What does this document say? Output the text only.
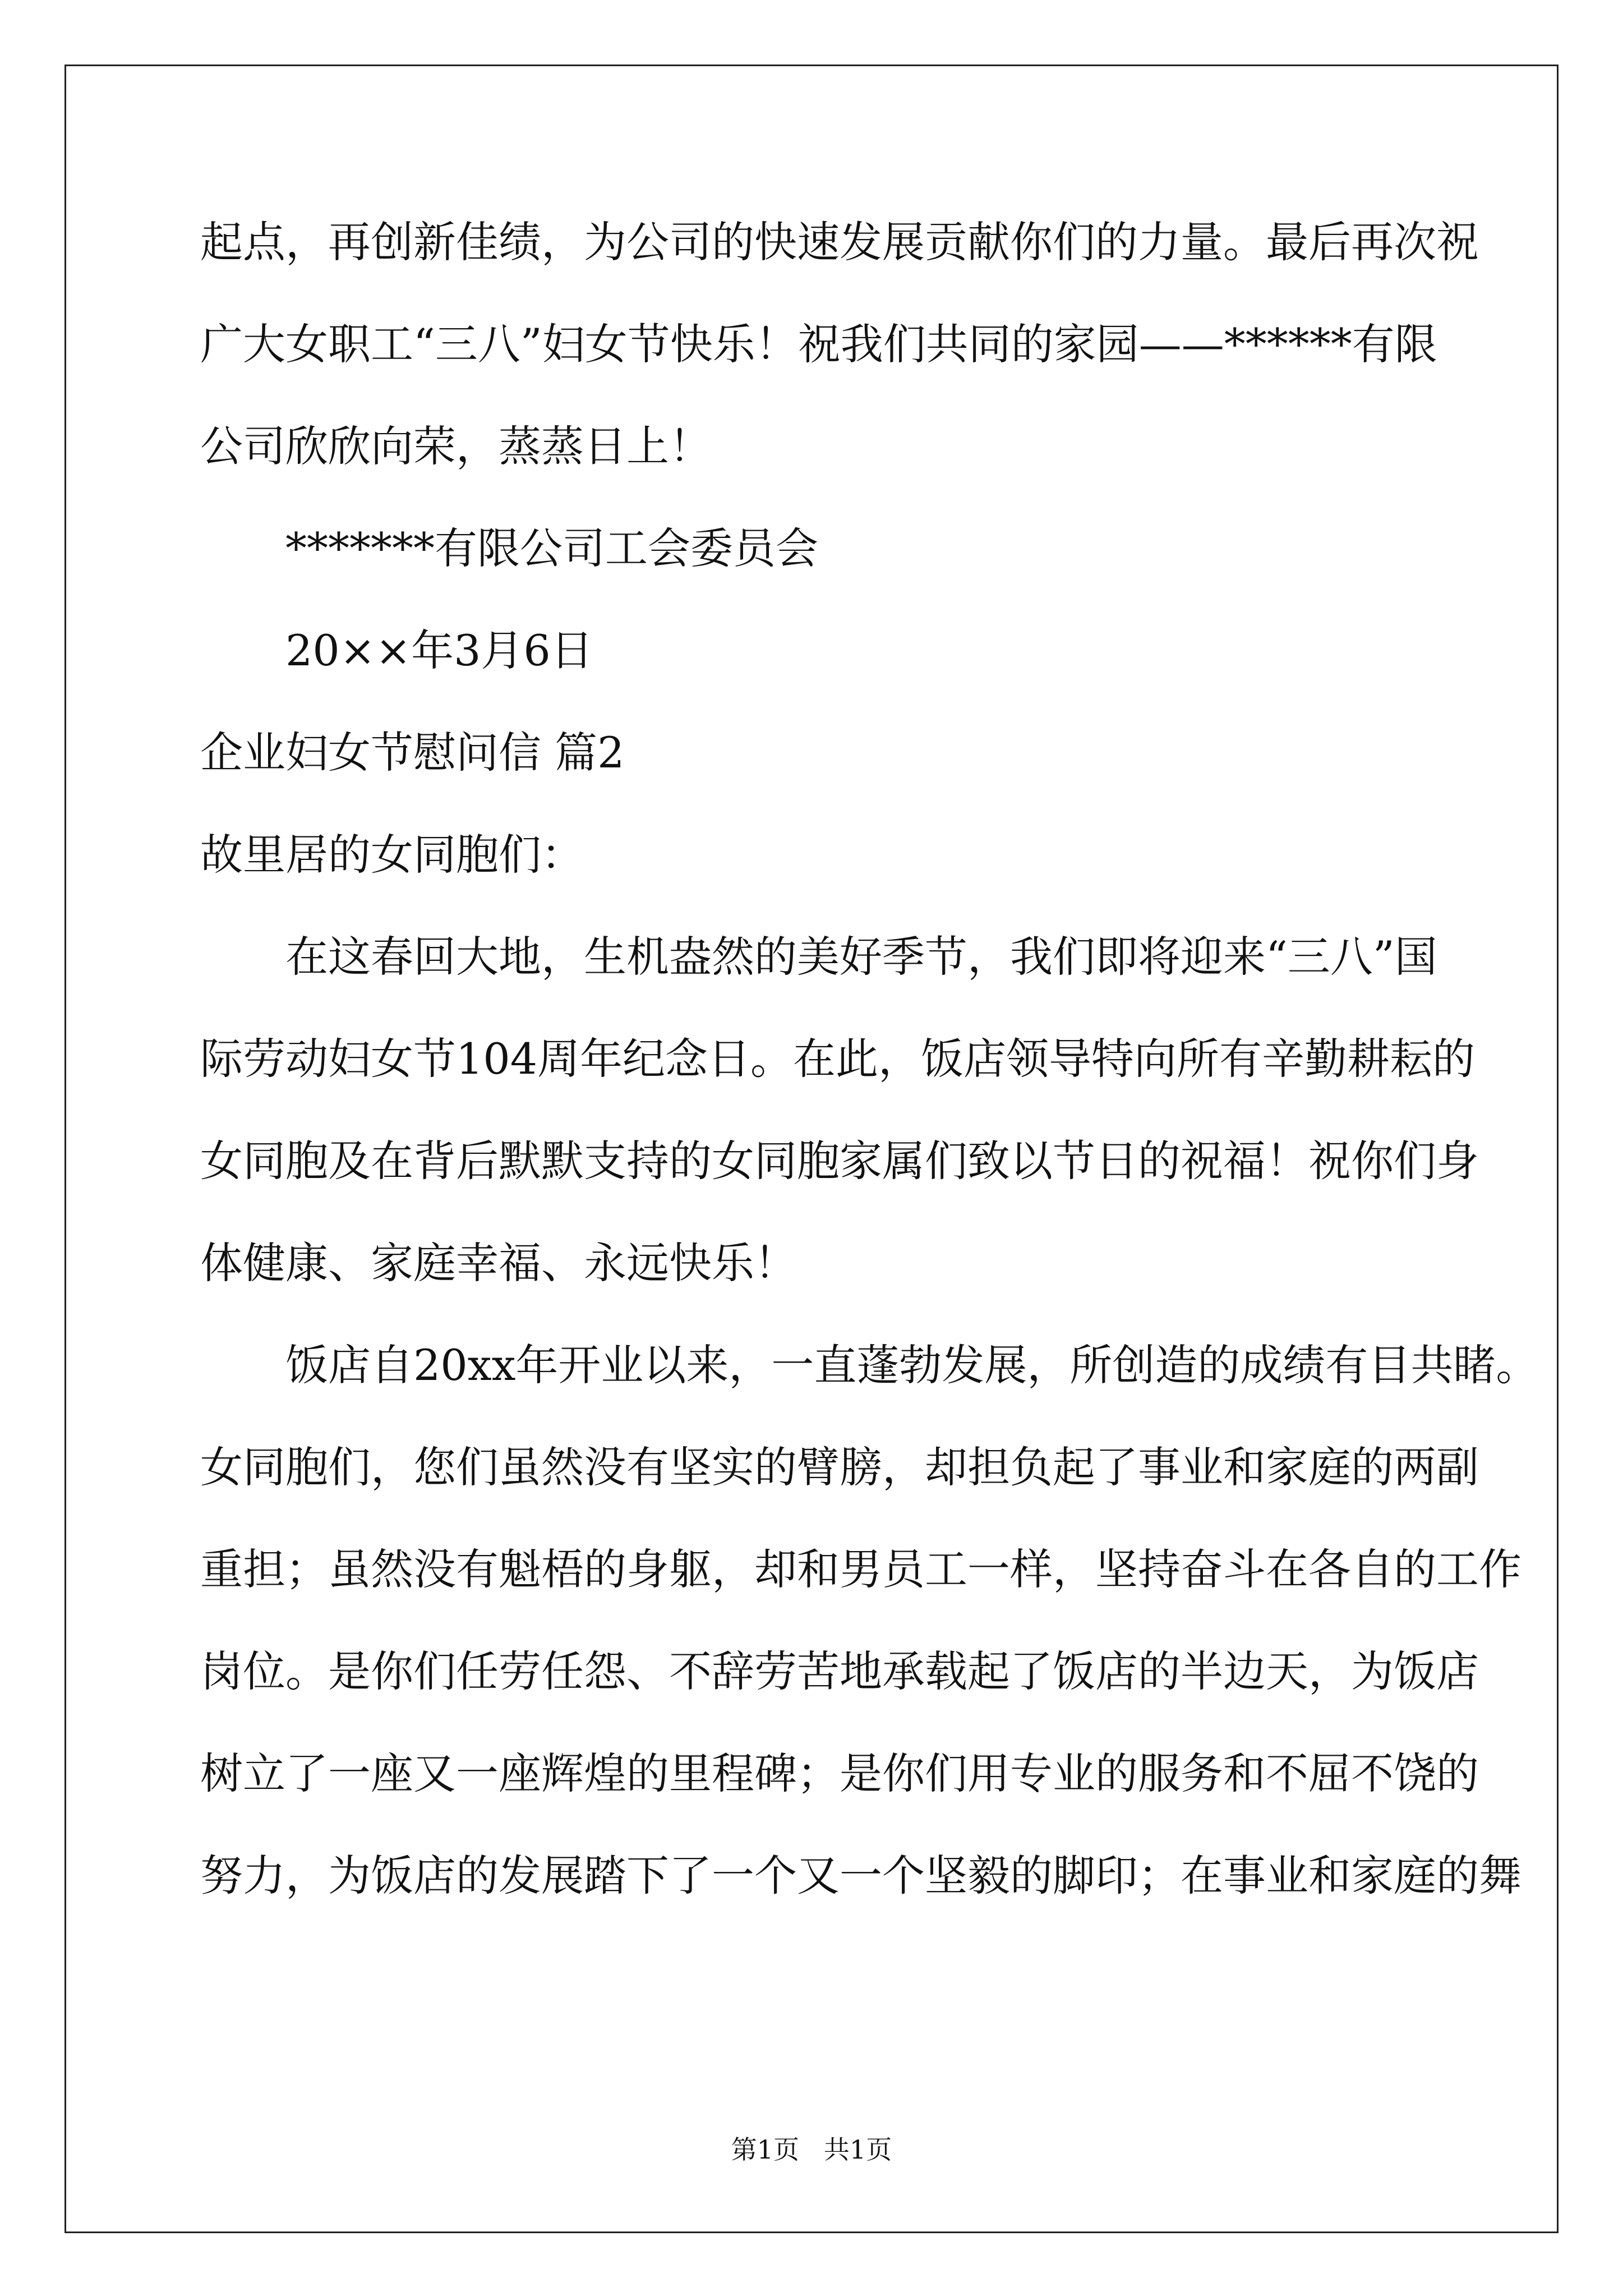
起点，再创新佳绩，为公司的快速发展贡献你们的力量。最后再次祝
广大女职工“三八”妇女节快乐！祝我们共同的家园——******有限
公司欣欣向荣，蒸蒸日上！
*******有限公司工会委员会
20××年3月6日
企业妇女节慰问信 篇2
故里居的女同胞们：
在这春回大地，生机盎然的美好季节，我们即将迎来“三八”国
际劳动妇女节104周年纪念日。在此，饭店领导特向所有辛勤耕耘的
女同胞及在背后默默支持的女同胞家属们致以节日的祝福！祝你们身
体健康、家庭幸福、永远快乐！
饭店自20xx年开业以来，一直蓬勃发展，所创造的成绩有目共睹。
女同胞们，您们虽然没有坚实的臂膀，却担负起了事业和家庭的两副
重担；虽然没有魁梧的身躯，却和男员工一样，坚持奋斗在各自的工作
岗位。是你们任劳任怨、不辞劳苦地承载起了饭店的半边天，为饭店
树立了一座又一座辉煌的里程碑；是你们用专业的服务和不屈不饶的
努力，为饭店的发展踏下了一个又一个坚毅的脚印；在事业和家庭的舞
第1页   共1页
